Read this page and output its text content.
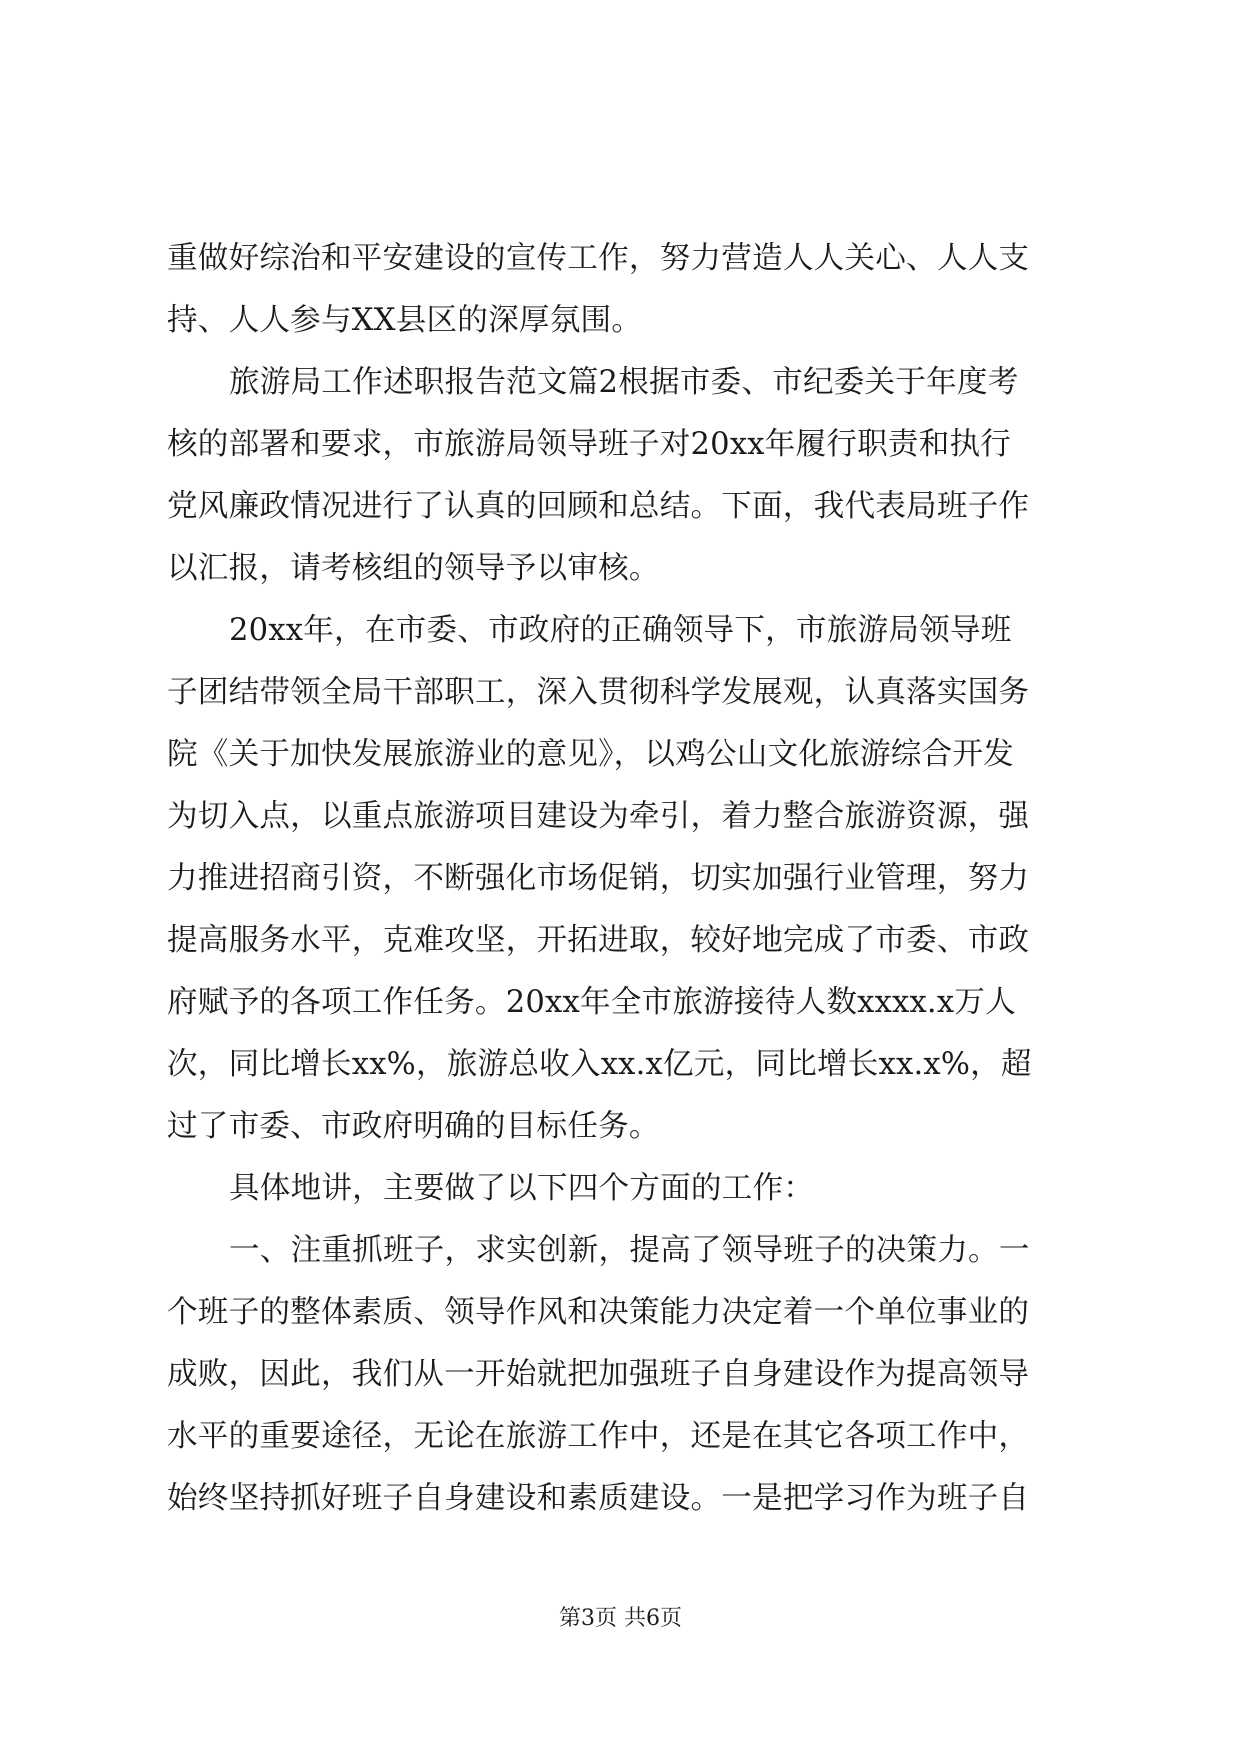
重做好综治和平安建设的宣传工作，努力营造人人关心、人人支
持、人人参与XX县区的深厚氛围。
旅游局工作述职报告范文篇2根据市委、市纪委关于年度考
核的部署和要求，市旅游局领导班子对20xx年履行职责和执行
党风廉政情况进行了认真的回顾和总结。下面，我代表局班子作
以汇报，请考核组的领导予以审核。
20xx年，在市委、市政府的正确领导下，市旅游局领导班
子团结带领全局干部职工，深入贯彻科学发展观，认真落实国务
院《关于加快发展旅游业的意见》，以鸡公山文化旅游综合开发
为切入点，以重点旅游项目建设为牵引，着力整合旅游资源，强
力推进招商引资，不断强化市场促销，切实加强行业管理，努力
提高服务水平，克难攻坚，开拓进取，较好地完成了市委、市政
府赋予的各项工作任务。20xx年全市旅游接待人数xxxx.x万人
次，同比增长xx%，旅游总收入xx.x亿元，同比增长xx.x%，超
过了市委、市政府明确的目标任务。
具体地讲，主要做了以下四个方面的工作：
一、注重抓班子，求实创新，提高了领导班子的决策力。一
个班子的整体素质、领导作风和决策能力决定着一个单位事业的
成败，因此，我们从一开始就把加强班子自身建设作为提高领导
水平的重要途径，无论在旅游工作中，还是在其它各项工作中，
始终坚持抓好班子自身建设和素质建设。一是把学习作为班子自
第3页 共6页
